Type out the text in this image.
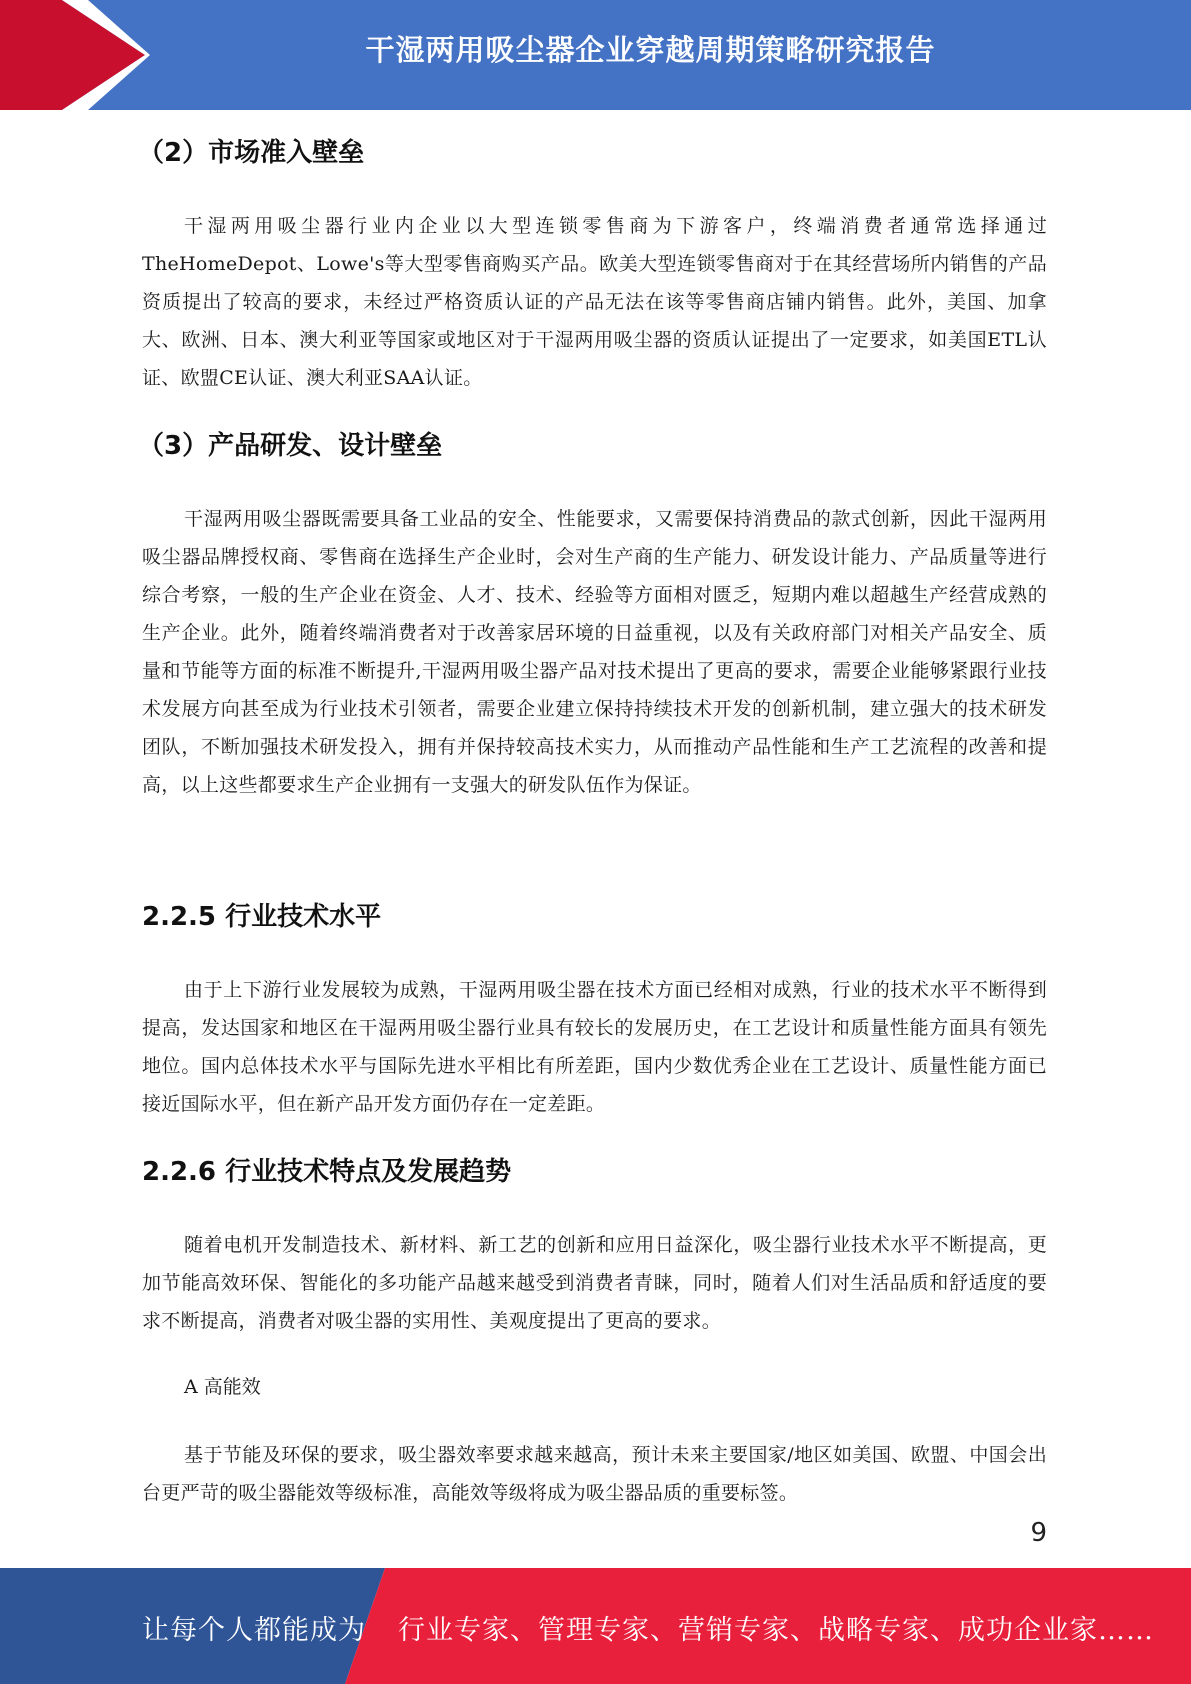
干湿两用吸尘器企业穿越周期策略研究报告
（2）市场准入壁垒

干湿两用吸尘器行业内企业以大型连锁零售商为下游客户，终端消费者通常选择通过TheHomeDepot、Lowe's等大型零售商购买产品。欧美大型连锁零售商对于在其经营场所内销售的产品资质提出了较高的要求，未经过严格资质认证的产品无法在该等零售商店铺内销售。此外，美国、加拿大、欧洲、日本、澳大利亚等国家或地区对于干湿两用吸尘器的资质认证提出了一定要求，如美国ETL认证、欧盟CE认证、澳大利亚SAA认证。

（3）产品研发、设计壁垒

干湿两用吸尘器既需要具备工业品的安全、性能要求，又需要保持消费品的款式创新，因此干湿两用吸尘器品牌授权商、零售商在选择生产企业时，会对生产商的生产能力、研发设计能力、产品质量等进行综合考察，一般的生产企业在资金、人才、技术、经验等方面相对匮乏，短期内难以超越生产经营成熟的生产企业。此外，随着终端消费者对于改善家居环境的日益重视，以及有关政府部门对相关产品安全、质量和节能等方面的标准不断提升,干湿两用吸尘器产品对技术提出了更高的要求，需要企业能够紧跟行业技术发展方向甚至成为行业技术引领者，需要企业建立保持持续技术开发的创新机制，建立强大的技术研发团队，不断加强技术研发投入，拥有并保持较高技术实力，从而推动产品性能和生产工艺流程的改善和提高，以上这些都要求生产企业拥有一支强大的研发队伍作为保证。

2.2.5 行业技术水平

由于上下游行业发展较为成熟，干湿两用吸尘器在技术方面已经相对成熟，行业的技术水平不断得到提高，发达国家和地区在干湿两用吸尘器行业具有较长的发展历史，在工艺设计和质量性能方面具有领先地位。国内总体技术水平与国际先进水平相比有所差距，国内少数优秀企业在工艺设计、质量性能方面已接近国际水平，但在新产品开发方面仍存在一定差距。

2.2.6 行业技术特点及发展趋势

随着电机开发制造技术、新材料、新工艺的创新和应用日益深化，吸尘器行业技术水平不断提高，更加节能高效环保、智能化的多功能产品越来越受到消费者青睐，同时，随着人们对生活品质和舒适度的要求不断提高，消费者对吸尘器的实用性、美观度提出了更高的要求。

A 高能效

基于节能及环保的要求，吸尘器效率要求越来越高，预计未来主要国家/地区如美国、欧盟、中国会出台更严苛的吸尘器能效等级标准，高能效等级将成为吸尘器品质的重要标签。

9
让每个人都能成为 行业专家、管理专家、营销专家、战略专家、成功企业家……
